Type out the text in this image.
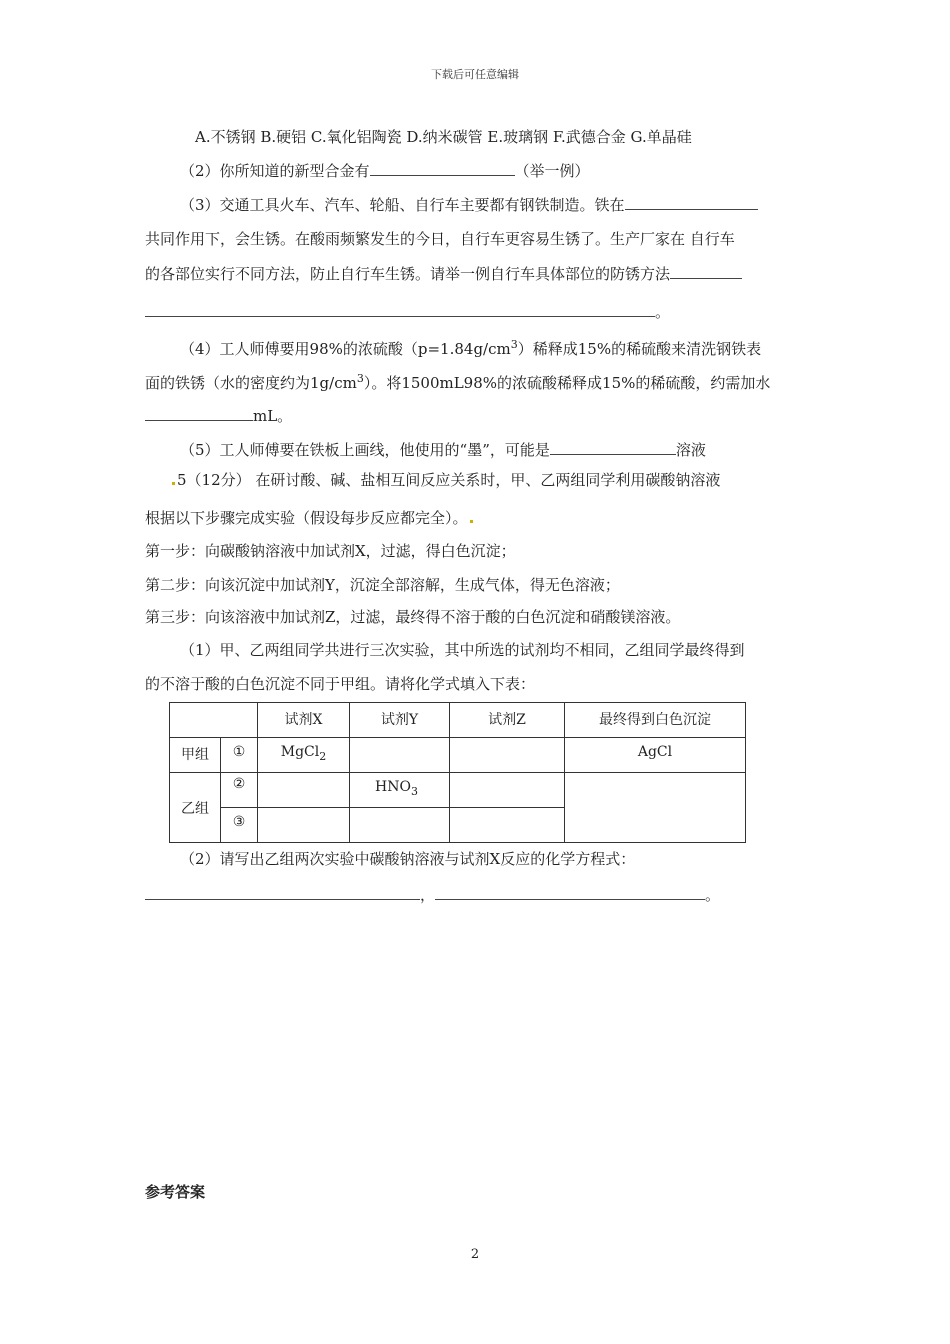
下载后可任意编辑
A.不锈钢 B.硬铝 C.氧化铝陶瓷 D.纳米碳管 E.玻璃钢 F.武德合金 G.单晶硅
（2）你所知道的新型合金有	（举一例）
（3）交通工具火车、汽车、轮船、自行车主要都有钢铁制造。铁在
共同作用下，会生锈。在酸雨频繁发生的今日，自行车更容易生锈了。生产厂家在 自行车
的各部位实行不同方法，防止自行车生锈。请举一例自行车具体部位的防锈方法
。
（4）工人师傅要用98%的浓硫酸$(p=1.84g/cm^3)$稀释成15%的稀硫酸来清洗钢铁表
面的铁锈（水的密度约为$1g/cm^3$）。将1500mL98%的浓硫酸稀释成15%的稀硫酸，约需加水
mL。
（5）工人师傅要在铁板上画线，他使用的“墨”，可能是	溶液
5（12分） 在研讨酸、碱、盐相互间反应关系时，甲、乙两组同学利用碳酸钠溶液
根据以下步骤完成实验（假设每步反应都完全）。
第一步：向碳酸钠溶液中加试剂X，过滤，得白色沉淀；
第二步：向该沉淀中加试剂Y，沉淀全部溶解，生成气体，得无色溶液；
第三步：向该溶液中加试剂Z，过滤，最终得不溶于酸的白色沉淀和硝酸镁溶液。
（1）甲、乙两组同学共进行三次实验，其中所选的试剂均不相同，乙组同学最终得到
的不溶于酸的白色沉淀不同于甲组。请将化学式填入下表：

		试剂X	试剂Y	试剂Z	最终得到白色沉淀

甲组	①	MgCl$_2$			AgCl

乙组	②		$HNO_3$

	③				

（2）请写出乙组两次实验中碳酸钠溶液与试剂X反应的化学方程式：
，	。
参考答案
2
